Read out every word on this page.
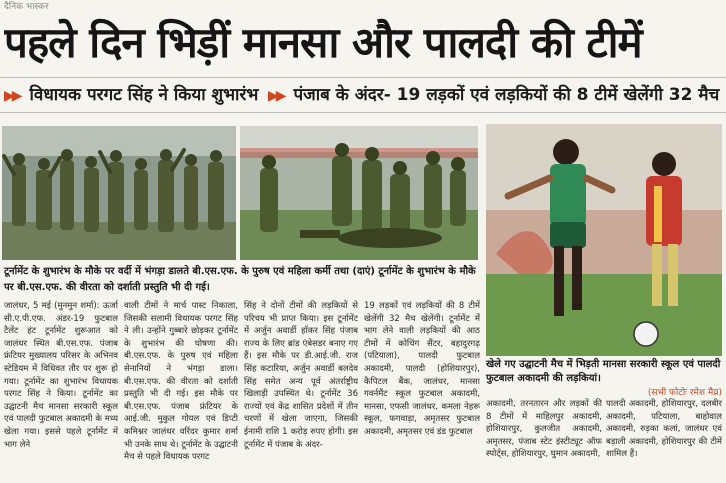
दैनिक भास्कर
पहले दिन भिड़ीं मानसा और पालदी की टीमें
▶▶ विधायक परगट सिंह ने किया शुभारंभ ▶▶ पंजाब के अंदर- 19 लड़कों एवं लड़कियों की 8 टीमें खेलेंगी 32 मैच
टूर्नामेंट के शुभारंभ के मौके पर वर्दी में भंगड़ा डालते बी.एस.एफ. के पुरुष एवं महिला कर्मी तथा (दाएं) टूर्नामेंट के शुभारंभ के मौके पर बी.एस.एफ. की वीरता को दर्शाती प्रस्तुति भी दी गई।
खेले गए उद्घाटनी मैच में भिड़ती मानसा सरकारी स्कूल एवं पालदी फुटबाल अकादमी की लड़कियां।
(सभी फोटोः रमेश मैय्र)
जालंधर, 5 मई (मुनमुन शर्मा): ऊर्जा सी.ए.पी.एफ. अंडर-19 फुटबाल टैलेंट हंट टूर्नामेंट शुरूआत को जालंधर स्थित बी.एस.एफ. पंजाब फ्रंटियर मुख्यालय परिसर के अभिनव स्टेडियम में विधिवत तौर पर शुरू हो गया। टूर्नामेंट का शुभारंभ विधायक परगट सिंह ने किया। टूर्नामेंट का उद्घाटनी मैच मानसा सरकारी स्कूल एवं पालदी फुटबाल अकादमी के मध्य खेला गया। इससे पहले टूर्नामेंट में भाग लेने
वाली टीमों ने मार्च पास्ट निकाला, जिसकी सलामी विधायक परगट सिंह ने ली। उन्होंने गुब्बारे छोड़कर टूर्नामेंट के शुभारंभ की घोषणा की। बी.एस.एफ. के पुरुष एवं महिला सेनानियों ने भंगड़ा डाला। बी.एस.एफ. की वीरता को दर्शाती प्रस्तुति भी दी गई। इस मौके पर बी.एस.एफ. पंजाब फ्रंटियर के आई.जी. मुकुल गोयल एवं डिप्टी कमिश्नर जालंधर वरिंदर कुमार शर्मा भी उनके साथ थे। टूर्नामेंट के उद्घाटनी मैच से पहले विधायक परगट
सिंह ने दोनों टीमों की लड़कियों से परिचय भी प्राप्त किया। इस टूर्नामेंट में अर्जुन अवार्डी हॉकर सिंह पंजाब राज्य के लिए ब्रांड एंबेसडर बनाए गए हैं। इस मौके पर डी.आई.जी. राज सिंह कटारिया, अर्जुन अवार्डी बलदेव सिंह समेत अन्य पूर्व अंतर्राष्ट्रीय खिलाड़ी उपस्थित थे। टूर्नामेंट 36 राज्यों एवं केंद्र शासित प्रदेशों में तीन चरणों में खेला जाएगा, जिसकी ईनामी राशि 1 करोड़ रुपए होगी। इस टूर्नामेंट में पंजाब के अंदर-
19 लड़कों एवं लड़कियों की 8 टीमें खेलेंगी 32 मैच खेलेंगी। टूर्नामेंट में भाग लेने वाली लड़कियों की आठ टीमों में कोचिंग सैंटर, बहादुरगढ़ (पटियाला), पालदी फुटबाल अकादमी, पालदी (होशियारपुर), कैपिटल बैंक, जालंधर, मानसा गवर्नमैंट स्कूल फुटबाल अकादमी, मानसा, एफसी जालंधर, कमला नेहरू स्कूल, फगवाड़ा, अमृतसर फुटबाल अकादमी, अमृतसर एवं डंड फुटबाल
अकादमी, तरनतारन और लड़कों की 8 टीमों में माहिलपुर अकादमी, होशियारपुर, कुलजीत अकादमी, अमृतसर, पंजाब स्टेट इंस्टीट्यूट ऑफ स्पोर्ट्स, होशियारपुर, घुमान अकादमी,
पालदी अकादमी, होशियारपुर, दलबीर अकादमी, पटियाला, बाहोवाल अकादमी, रुड़का कलां, जालंधर एवं बड़ाली अकादमी, होशियारपुर की टीमें शामिल हैं।
